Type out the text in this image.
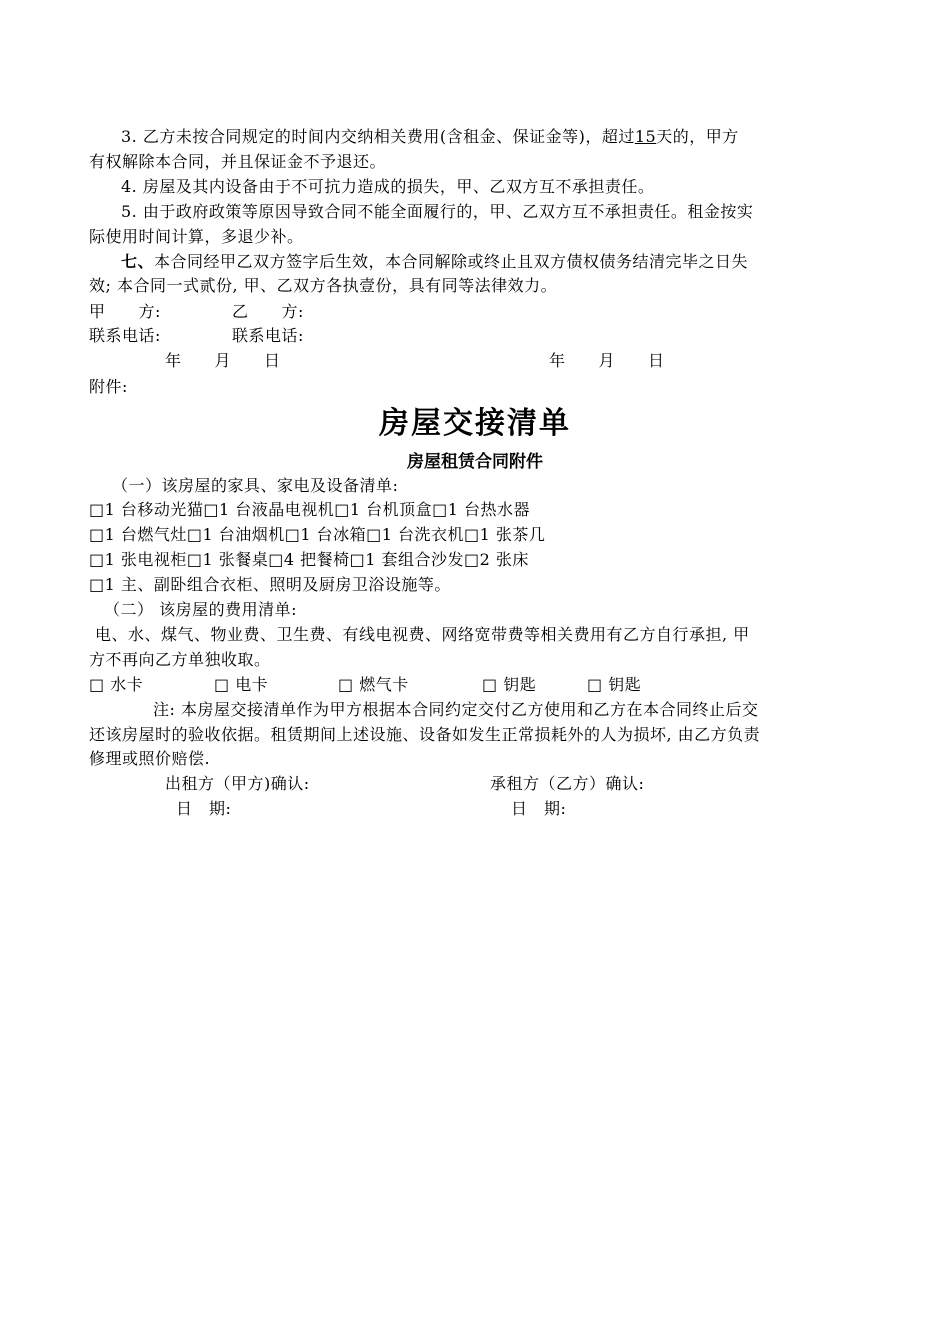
3. 乙方未按合同规定的时间内交纳相关费用(含租金、保证金等)，超过15天的，甲方
有权解除本合同，并且保证金不予退还。
4. 房屋及其内设备由于不可抗力造成的损失，甲、乙双方互不承担责任。
5. 由于政府政策等原因导致合同不能全面履行的，甲、乙双方互不承担责任。租金按实
际使用时间计算，多退少补。
七、本合同经甲乙双方签字后生效，本合同解除或终止且双方债权债务结清完毕之日失
效; 本合同一式贰份, 甲、乙双方各执壹份，具有同等法律效力。
甲　　方:	乙　　方:
联系电话:	联系电话:
年　　月　　日	年　　月　　日
附件:
房屋交接清单
房屋租赁合同附件
（一）该房屋的家具、家电及设备清单:
□1 台移动光猫□1 台液晶电视机□1 台机顶盒□1 台热水器
□1 台燃气灶□1 台油烟机□1 台冰箱□1 台洗衣机□1 张茶几
□1 张电视柜□1 张餐桌□4 把餐椅□1 套组合沙发□2 张床
□1 主、副卧组合衣柜、照明及厨房卫浴设施等。
（二） 该房屋的费用清单:
电、水、煤气、物业费、卫生费、有线电视费、网络宽带费等相关费用有乙方自行承担, 甲
方不再向乙方单独收取。
□ 水卡	□ 电卡	□ 燃气卡	□ 钥匙	□ 钥匙
注: 本房屋交接清单作为甲方根据本合同约定交付乙方使用和乙方在本合同终止后交
还该房屋时的验收依据。租赁期间上述设施、设备如发生正常损耗外的人为损坏, 由乙方负责
修理或照价赔偿.
出租方（甲方)确认:	承租方（乙方）确认:
日　期:	日　期:
